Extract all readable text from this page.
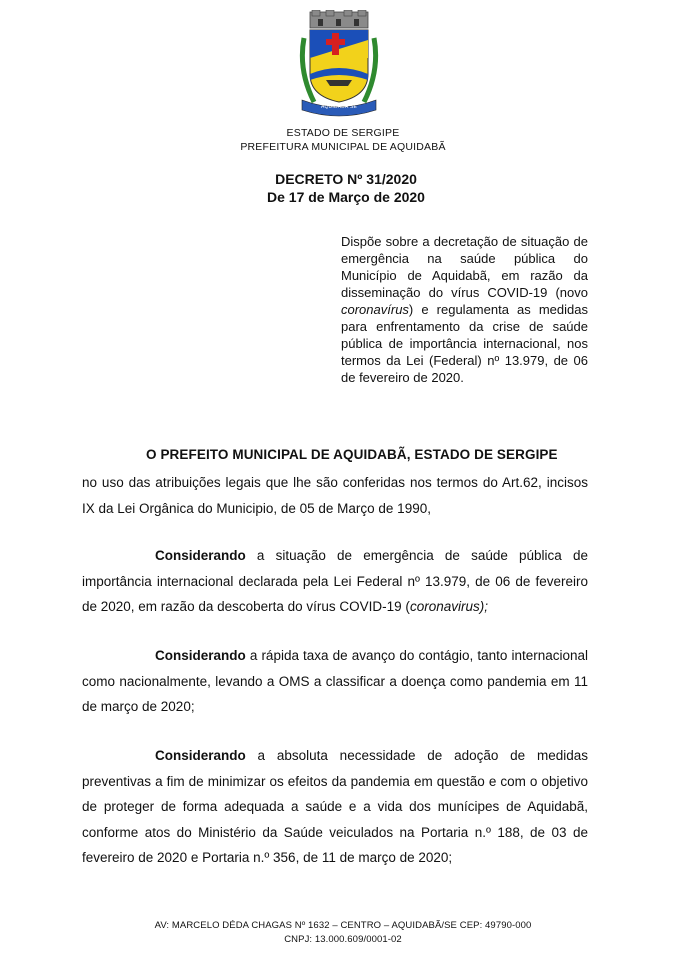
AQUIDABÃ SE
ESTADO DE SERGIPE
PREFEITURA MUNICIPAL DE AQUIDABÃ
DECRETO Nº 31/2020
De 17 de Março de 2020
Dispõe sobre a decretação de situação de emergência na saúde pública do Município de Aquidabã, em razão da disseminação do vírus COVID-19 (novo coronavírus) e regulamenta as medidas para enfrentamento da crise de saúde pública de importância internacional, nos termos da Lei (Federal) nº 13.979, de 06 de fevereiro de 2020.
O PREFEITO MUNICIPAL DE AQUIDABÃ, ESTADO DE SERGIPE

no uso das atribuições legais que lhe são conferidas nos termos do Art.62, incisos IX da Lei Orgânica do Municipio, de 05 de Março de 1990,

Considerando a situação de emergência de saúde pública de importância internacional declarada pela Lei Federal nº 13.979, de 06 de fevereiro de 2020, em razão da descoberta do vírus COVID-19 (coronavirus);

Considerando a rápida taxa de avanço do contágio, tanto internacional como nacionalmente, levando a OMS a classificar a doença como pandemia em 11 de março de 2020;

Considerando a absoluta necessidade de adoção de medidas preventivas a fim de minimizar os efeitos da pandemia em questão e com o objetivo de proteger de forma adequada a saúde e a vida dos munícipes de Aquidabã, conforme atos do Ministério da Saúde veiculados na Portaria n.º 188, de 03 de fevereiro de 2020 e Portaria n.º 356, de 11 de março de 2020;

AV: MARCELO DÉDA CHAGAS Nº 1632 – CENTRO – AQUIDABÃ/SE CEP: 49790-000
CNPJ: 13.000.609/0001-02
